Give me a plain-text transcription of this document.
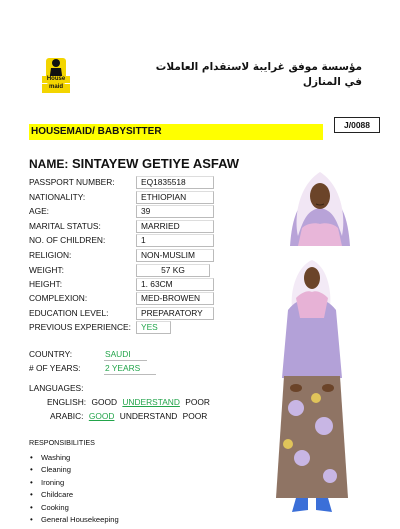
House
maid
مؤسسة موفق غرايبة لاستقدام العاملات
في المنازل
J/0088
HOUSEMAID/ BABYSITTER
NAME: SINTAYEW GETIYE ASFAW
PASSPORT NUMBER:	EQ1835518
NATIONALITY:	ETHIOPIAN
AGE:	39
MARITAL STATUS:	MARRIED
NO. OF CHILDREN:	1
RELIGION:	NON-MUSLIM
WEIGHT:	57 KG
HEIGHT:	1. 63CM
COMPLEXION:	MED-BROWEN
EDUCATION LEVEL:	PREPARATORY
PREVIOUS EXPERIENCE:	YES
COUNTRY:	SAUDI
# OF YEARS:	2 YEARS
LANGUAGES:
ENGLISH: GOOD UNDERSTAND POOR
ARABIC: GOOD UNDERSTAND POOR
RESPONSIBILITIES
• Washing
• Cleaning
• Ironing
• Childcare
• Cooking
• General Housekeeping
